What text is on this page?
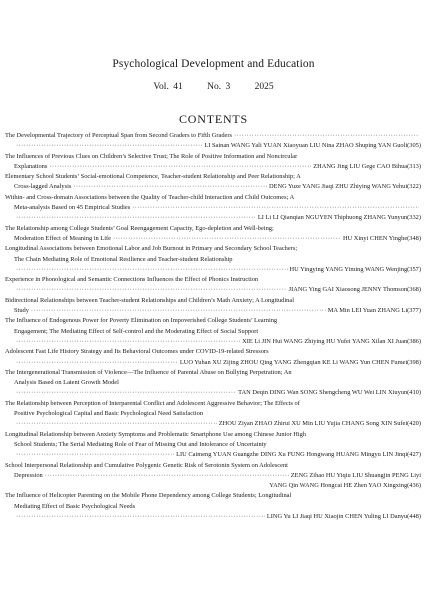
Psychological Development and Education
Vol. 41	No. 3	2025
CONTENTS
The Developmental Trajectory of Perceptual Span from Second Graders to Fifth Graders
·····
·····
LI Sainan WANG Yali YUAN Xiaoyuan LIU Nina ZHAO Shuping YAN Guoli(305)
The Influences of Previous Clues on Children’s Selective Trust; The Role of Positive Information and Noncircular
Explanations ·····	ZHANG Jing LIU Gege CAO Bihua(313)
Elementary School Students’ Social-emotional Competence, Teacher-student Relationship and Peer Relationship; A
Cross-lagged Analysis ·····	DENG Yuze YANG Jiaqi ZHU Zhiying WANG Yehui(322)
Within- and Cross-domain Associations between the Quality of Teacher-child Interaction and Child Outcomes; A
Meta-analysis Based on 45 Empirical Studies
·····
·····
LI Li LI Qianqian NGUYEN Thiphuong ZHANG Yunyun(332)
The Relationship among College Students’ Goal Reengagement Capacity, Ego-depletion and Well-being;
Moderation Effect of Meaning in Life ·····	HU Xinyi CHEN Yinghe(348)
Longitudinal Associations between Emotional Labor and Job Burnout in Primary and Secondary School Teachers;
The Chain Mediating Role of Emotional Resilience and Teacher-student Relationship
·····
HU Yingying YANG Yiming WANG Wenjing(357)
Experience in Phonological and Semantic Connections Influences the Effect of Phonics Instruction
·····
JIANG Ying GAI Xiaosong JENNY Thomson(368)
Bidirectional Relationships between Teacher-student Relationships and Children’s Math Anxiety; A Longitudinal
Study ·····	MA Min LEI Yuan ZHANG Li(377)
The Influence of Endogenous Power for Poverty Elimination on Impoverished College Students’ Learning
Engagement; The Mediating Effect of Self-control and the Moderating Effect of Social Support
·····
XIE Li JIN Hui WANG Zhiying HU Yufei YANG Xilan XI Juan(386)
Adolescent Fast Life History Strategy and Its Behavioral Outcomes under COVID-19-related Stressors
·····
LUO Yuhan XU Zijing ZHOU Qing YANG Zhengqian KE Li WANG Yun CHEN Fumei(398)
The Intergenerational Transmission of Violence—The Influence of Parental Abuse on Bullying Perpetration; An
Analysis Based on Latent Growth Model
·····
TAN Deqin DING Wan SONG Shengcheng WU Wei LIN Xiuyun(410)
The Relationship between Perception of Interparental Conflict and Adolescent Aggressive Behavior; The Effects of
Positive Psychological Capital and Basic Psychological Need Satisfaction
·····
ZHOU Ziyan ZHAO Zhirui XU Min LIU Yujia CHANG Song XIN Sufei(420)
Longitudinal Relationship between Anxiety Symptoms and Problematic Smartphone Use among Chinese Junior High
School Students; The Serial Mediating Role of Fear of Missing Out and Intolerance of Uncertainty
·····
LIU Caimeng YUAN Guangzhe DING Xu FUNG Hongwang HUANG Mingyu LIN Jinqi(427)
School Interpersonal Relationship and Cumulative Polygenic Genetic Risk of Serotonin System on Adolescent
Depression ·····	ZENG Zihao HU Yiqiu LIU Shuangjin PENG Liyi
YANG Qin WANG Hongcai HE Zhen YAO Xingxing(436)
The Influence of Helicopter Parenting on the Mobile Phone Dependency among College Students; Longitudinal
Mediating Effect of Basic Psychological Needs
·····
LING Yu LI Jiaqi HU Xiaojin CHEN Yuling LI Danyu(448)
